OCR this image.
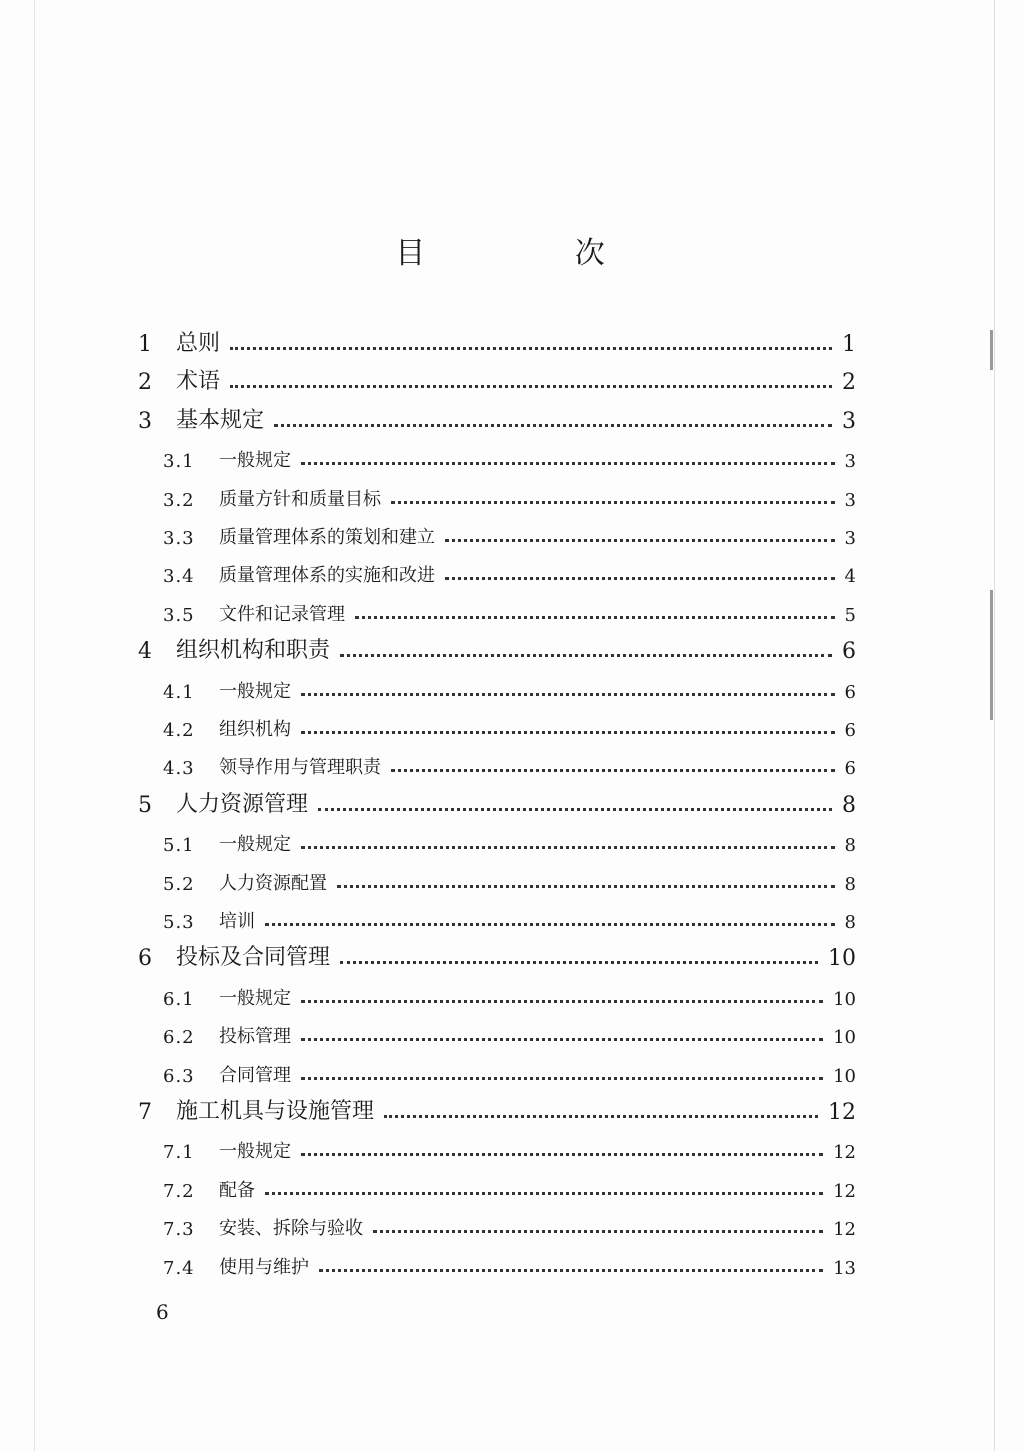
目 次
1	总则	1
2	术语	2
3	基本规定	3
3.1	一般规定	3
3.2	质量方针和质量目标	3
3.3	质量管理体系的策划和建立	3
3.4	质量管理体系的实施和改进	4
3.5	文件和记录管理	5
4	组织机构和职责	6
4.1	一般规定	6
4.2	组织机构	6
4.3	领导作用与管理职责	6
5	人力资源管理	8
5.1	一般规定	8
5.2	人力资源配置	8
5.3	培训	8
6	投标及合同管理	10
6.1	一般规定	10
6.2	投标管理	10
6.3	合同管理	10
7	施工机具与设施管理	12
7.1	一般规定	12
7.2	配备	12
7.3	安装、拆除与验收	12
7.4	使用与维护	13
6
